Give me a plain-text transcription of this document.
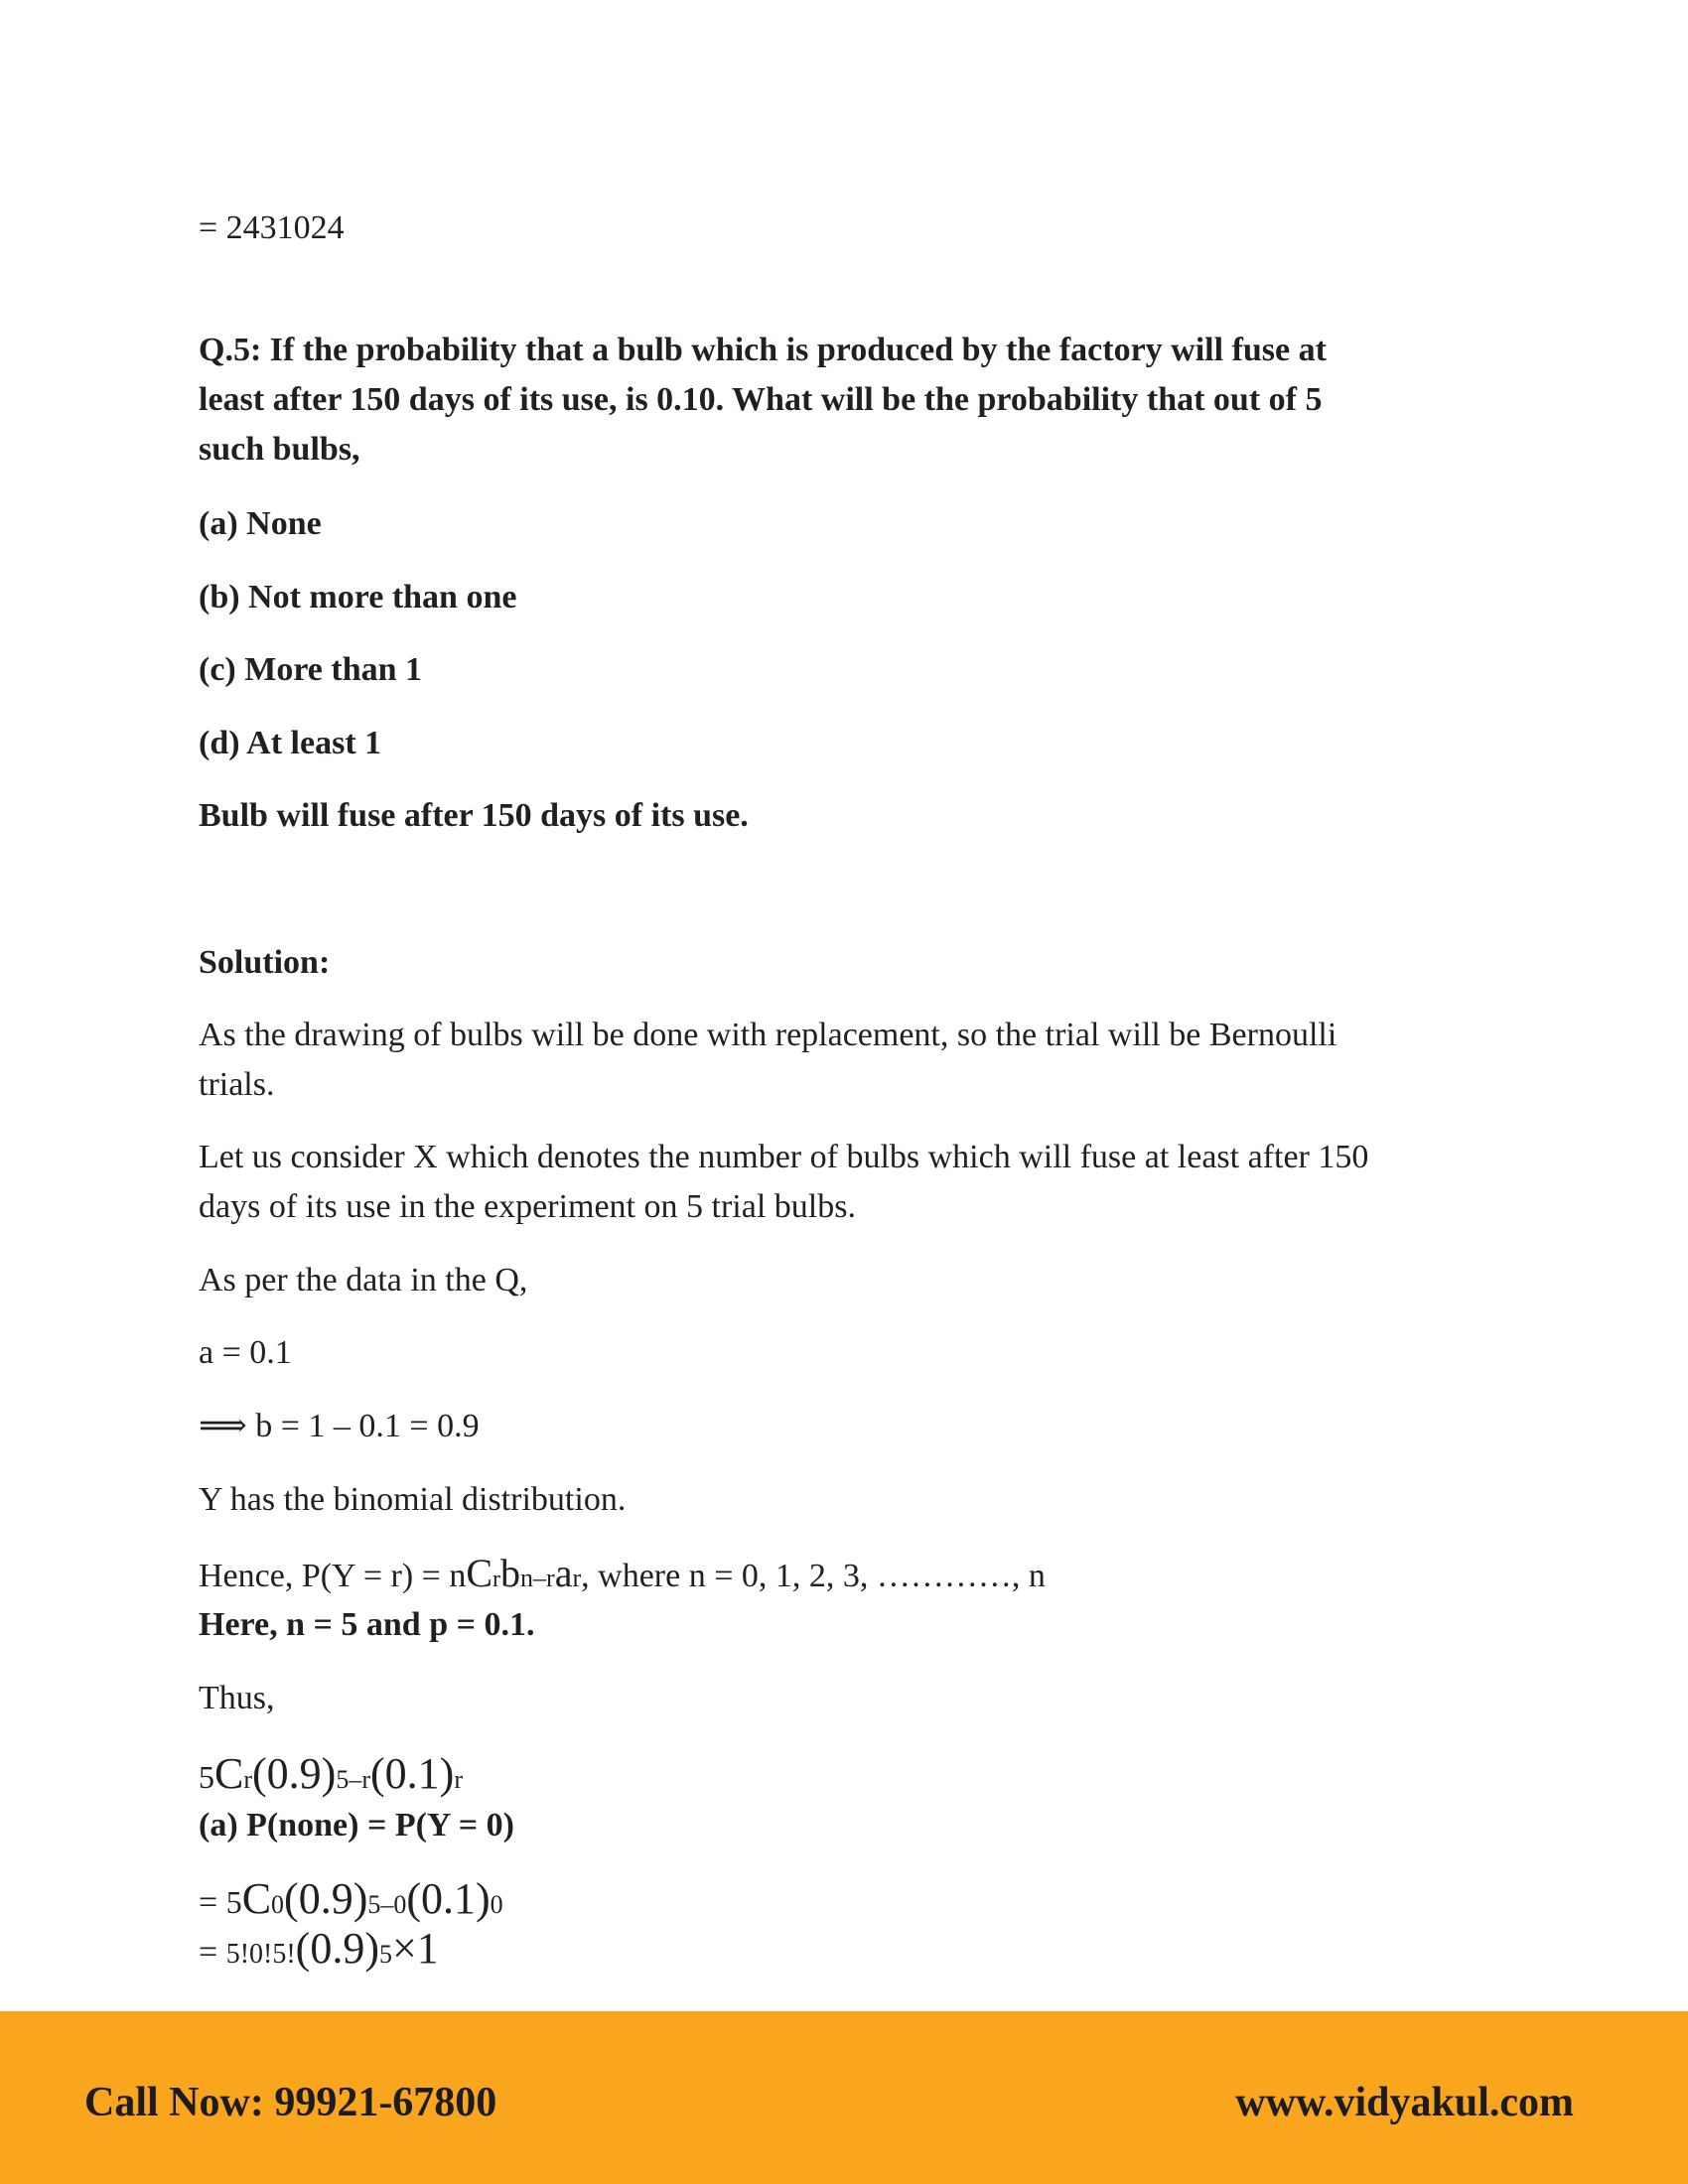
= 2431024
Q.5: If the probability that a bulb which is produced by the factory will fuse at
least after 150 days of its use, is 0.10. What will be the probability that out of 5
such bulbs,
(a) None
(b) Not more than one
(c) More than 1
(d) At least 1
Bulb will fuse after 150 days of its use.
Solution:
As the drawing of bulbs will be done with replacement, so the trial will be Bernoulli
trials.
Let us consider X which denotes the number of bulbs which will fuse at least after 150
days of its use in the experiment on 5 trial bulbs.
As per the data in the Q,
a = 0.1
⟹ b = 1 – 0.1 = 0.9
Y has the binomial distribution.
Hence, P(Y = r) = nCrbn–rar, where n = 0, 1, 2, 3, …………, n
Here, n = 5 and p = 0.1.
Thus,
5Cr(0.9)5–r(0.1)r
(a) P(none) = P(Y = 0)
= 5C0(0.9)5–0(0.1)0
= 5!0!5!(0.9)5×1
Call Now: 99921-67800	www.vidyakul.com
